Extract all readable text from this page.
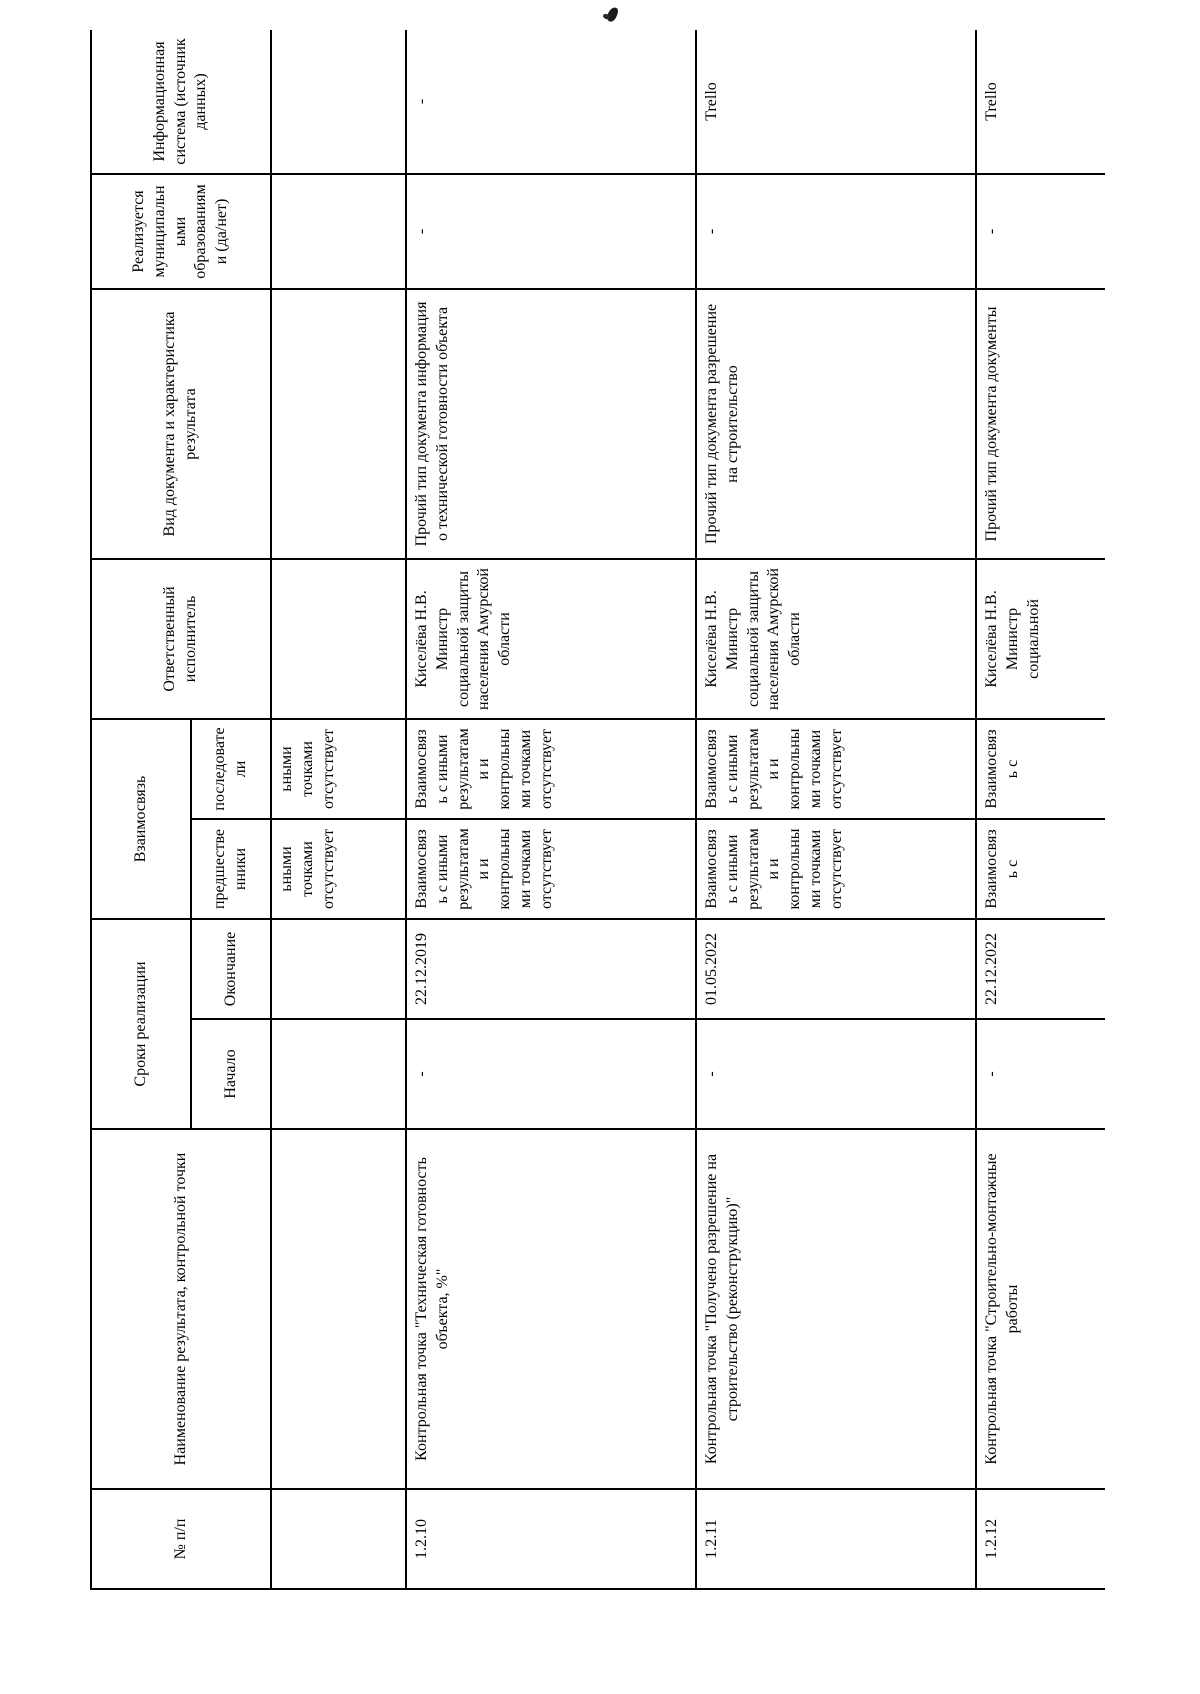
№ п/п	Наименование результата, контрольной точки	Сроки реализации		Взаимосвязь		Ответственный исполнитель	Вид документа и характеристика результата	Реализуется муниципальными образованиями (да/нет)	Информационная система (источник данных)
		Начало	Окончание	предшественники	последователи				
				ьными точками отсутствует	ьными точками отсутствует				
1.2.10	Контрольная точка "Техническая готовность объекта, %"	-	22.12.2019	Взаимосвязь с иными результатами и контрольными точками отсутствует	Взаимосвязь с иными результатами и контрольными точками отсутствует	Киселёва Н.В. Министр социальной защиты населения Амурской области	Прочий тип документа информация о технической готовности объекта	-	-
1.2.11	Контрольная точка "Получено разрешение на строительство (реконструкцию)"	-	01.05.2022	Взаимосвязь с иными результатами и контрольными точками отсутствует	Взаимосвязь с иными результатами и контрольными точками отсутствует	Киселёва Н.В. Министр социальной защиты населения Амурской области	Прочий тип документа разрешение на строительство	-	Trello
1.2.12	Контрольная точка "Строительно-монтажные работы	-	22.12.2022	Взаимосвязь с	Взаимосвязь с	Киселёва Н.В. Министр социальной	Прочий тип документа документы	-	Trello
